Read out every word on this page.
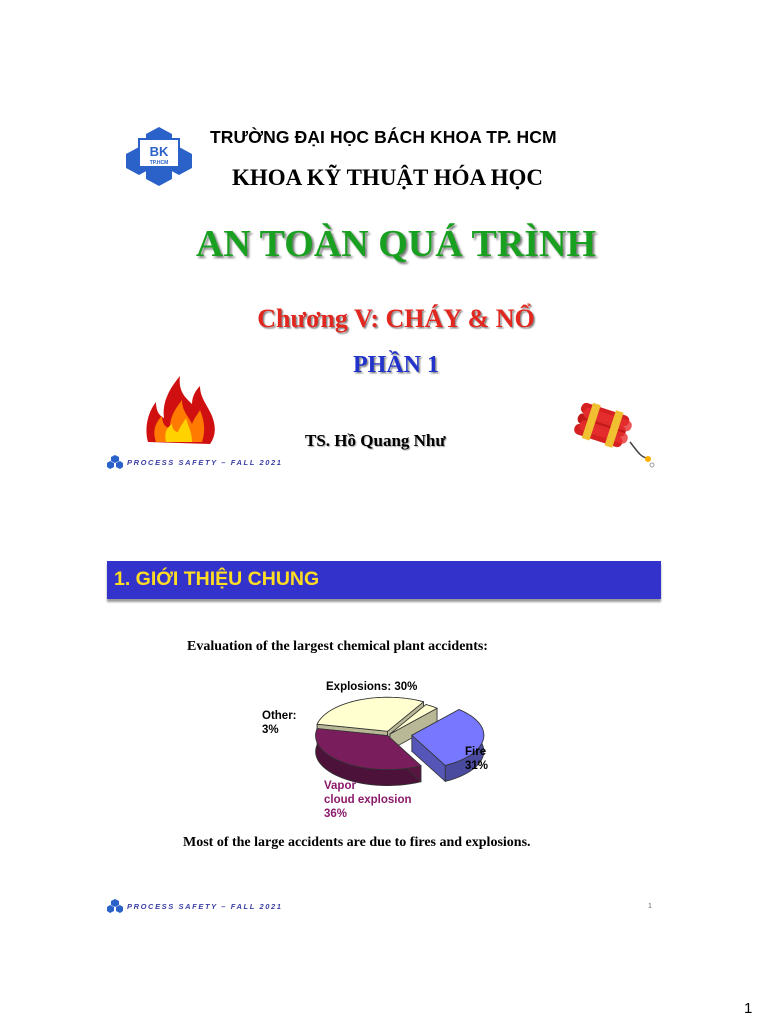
BK
TP.HCM
TRƯỜNG ĐẠI HỌC BÁCH KHOA TP. HCM
KHOA KỸ THUẬT HÓA HỌC
AN TOÀN QUÁ TRÌNH
Chương V: CHÁY & NỔ
PHẦN 1
TS. Hồ Quang Như
PROCESS SAFETY – FALL 2021
1. GIỚI THIỆU CHUNG
Evaluation of the largest chemical plant accidents:
Explosions: 30%
Other:
3%
Fire
31%
Vapor
cloud explosion
36%
Most of the large accidents are due to fires and explosions.
PROCESS SAFETY – FALL 2021	1
1
